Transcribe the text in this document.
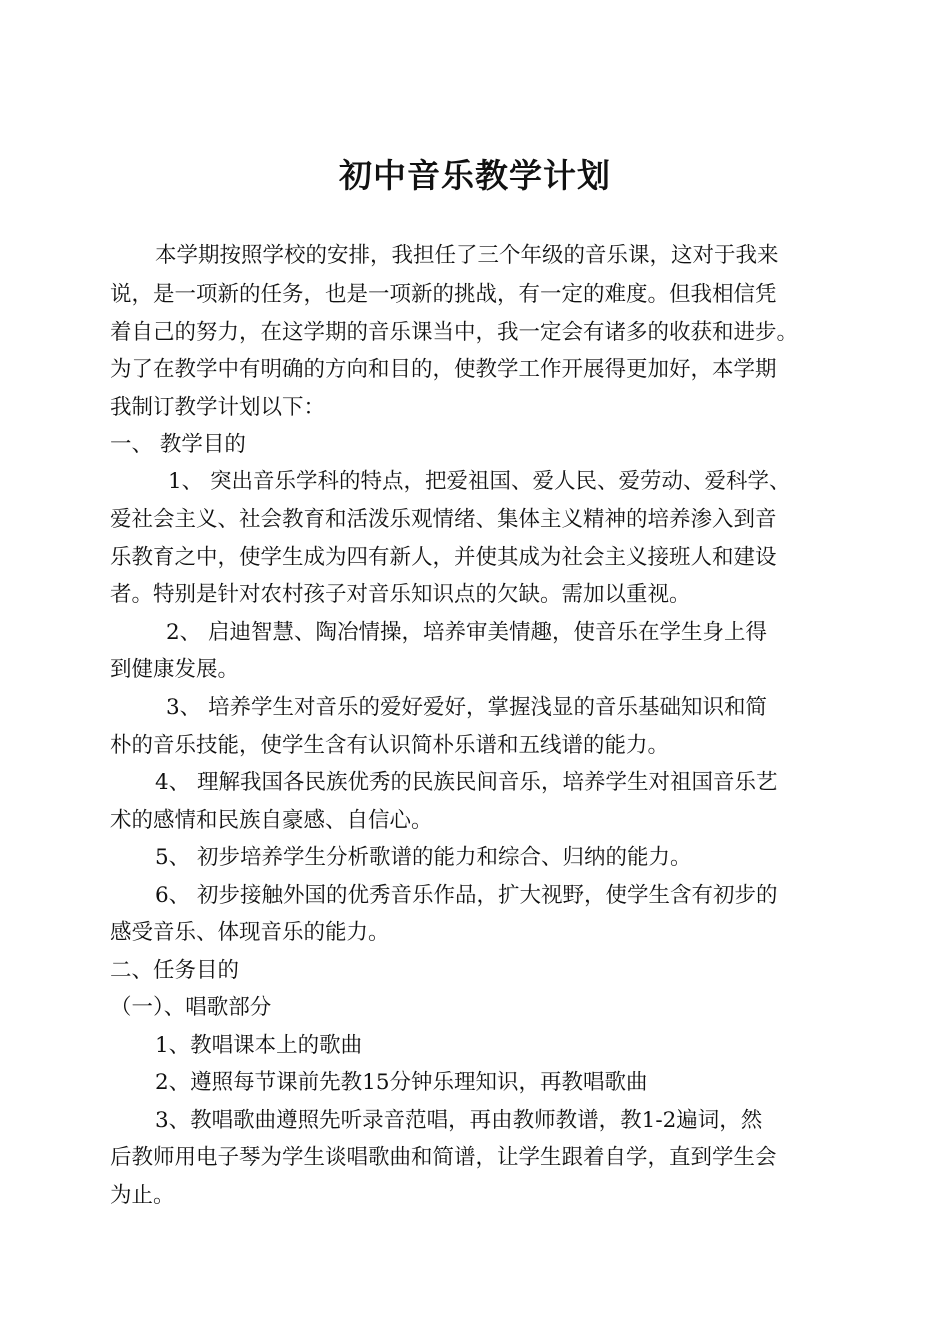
初中音乐教学计划

本学期按照学校的安排，我担任了三个年级的音乐课，这对于我来

说，是一项新的任务，也是一项新的挑战，有一定的难度。但我相信凭

着自己的努力，在这学期的音乐课当中，我一定会有诸多的收获和进步。

为了在教学中有明确的方向和目的，使教学工作开展得更加好，本学期

我制订教学计划以下：

一、 教学目的

1、 突出音乐学科的特点，把爱祖国、爱人民、爱劳动、爱科学、

爱社会主义、社会教育和活泼乐观情绪、集体主义精神的培养渗入到音

乐教育之中，使学生成为四有新人，并使其成为社会主义接班人和建设

者。特别是针对农村孩子对音乐知识点的欠缺。需加以重视。

2、 启迪智慧、陶冶情操，培养审美情趣，使音乐在学生身上得

到健康发展。

3、 培养学生对音乐的爱好爱好，掌握浅显的音乐基础知识和简

朴的音乐技能，使学生含有认识简朴乐谱和五线谱的能力。

4、 理解我国各民族优秀的民族民间音乐，培养学生对祖国音乐艺

术的感情和民族自豪感、自信心。

5、 初步培养学生分析歌谱的能力和综合、归纳的能力。

6、 初步接触外国的优秀音乐作品，扩大视野，使学生含有初步的

感受音乐、体现音乐的能力。

二、任务目的

（一）、唱歌部分

1、教唱课本上的歌曲

2、遵照每节课前先教15分钟乐理知识，再教唱歌曲

3、教唱歌曲遵照先听录音范唱，再由教师教谱，教1-2遍词，然

后教师用电子琴为学生谈唱歌曲和简谱，让学生跟着自学，直到学生会

为止。
